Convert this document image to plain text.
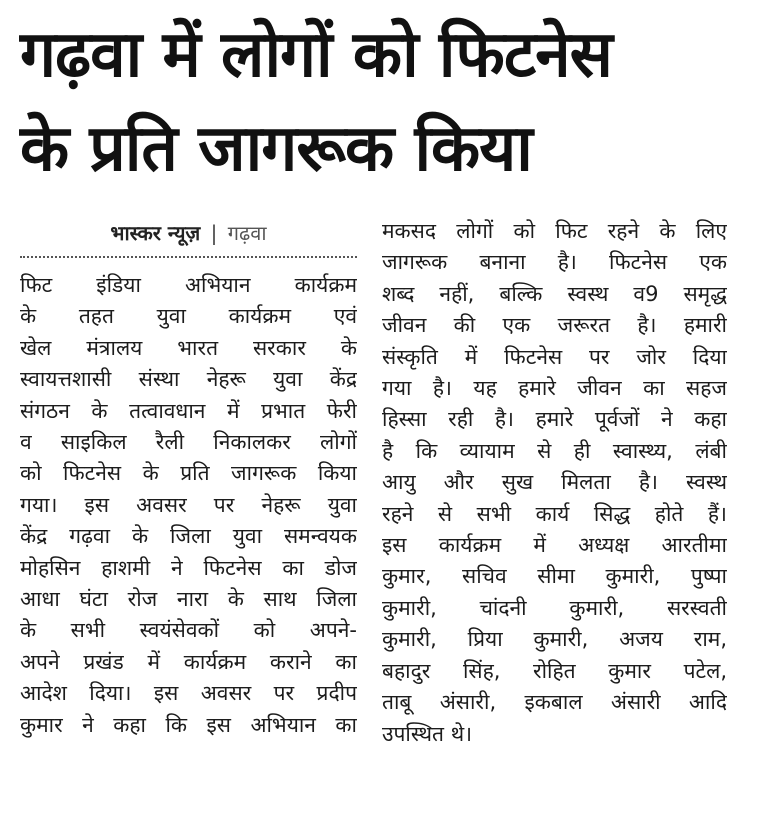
गढ़वा में लोगों को फिटनेस
के प्रति जागरूक किया
भास्कर न्यूज़ | गढ़वा
फिट इंडिया अभियान कार्यक्रम
के तहत युवा कार्यक्रम एवं
खेल मंत्रालय भारत सरकार के
स्वायत्तशासी संस्था नेहरू युवा केंद्र
संगठन के तत्वावधान में प्रभात फेरी
व साइकिल रैली निकालकर लोगों
को फिटनेस के प्रति जागरूक किया
गया। इस अवसर पर नेहरू युवा
केंद्र गढ़वा के जिला युवा समन्वयक
मोहसिन हाशमी ने फिटनेस का डोज
आधा घंटा रोज नारा के साथ जिला
के सभी स्वयंसेवकों को अपने-
अपने प्रखंड में कार्यक्रम कराने का
आदेश दिया। इस अवसर पर प्रदीप
कुमार ने कहा कि इस अभियान का
मकसद लोगों को फिट रहने के लिए
जागरूक बनाना है। फिटनेस एक
शब्द नहीं, बल्कि स्वस्थ व9 समृद्ध
जीवन की एक जरूरत है। हमारी
संस्कृति में फिटनेस पर जोर दिया
गया है। यह हमारे जीवन का सहज
हिस्सा रही है। हमारे पूर्वजों ने कहा
है कि व्यायाम से ही स्वास्थ्य, लंबी
आयु और सुख मिलता है। स्वस्थ
रहने से सभी कार्य सिद्ध होते हैं।
इस कार्यक्रम में अध्यक्ष आरतीमा
कुमार, सचिव सीमा कुमारी, पुष्पा
कुमारी, चांदनी कुमारी, सरस्वती
कुमारी, प्रिया कुमारी, अजय राम,
बहादुर सिंह, रोहित कुमार पटेल,
ताबू अंसारी, इकबाल अंसारी आदि
उपस्थित थे।
